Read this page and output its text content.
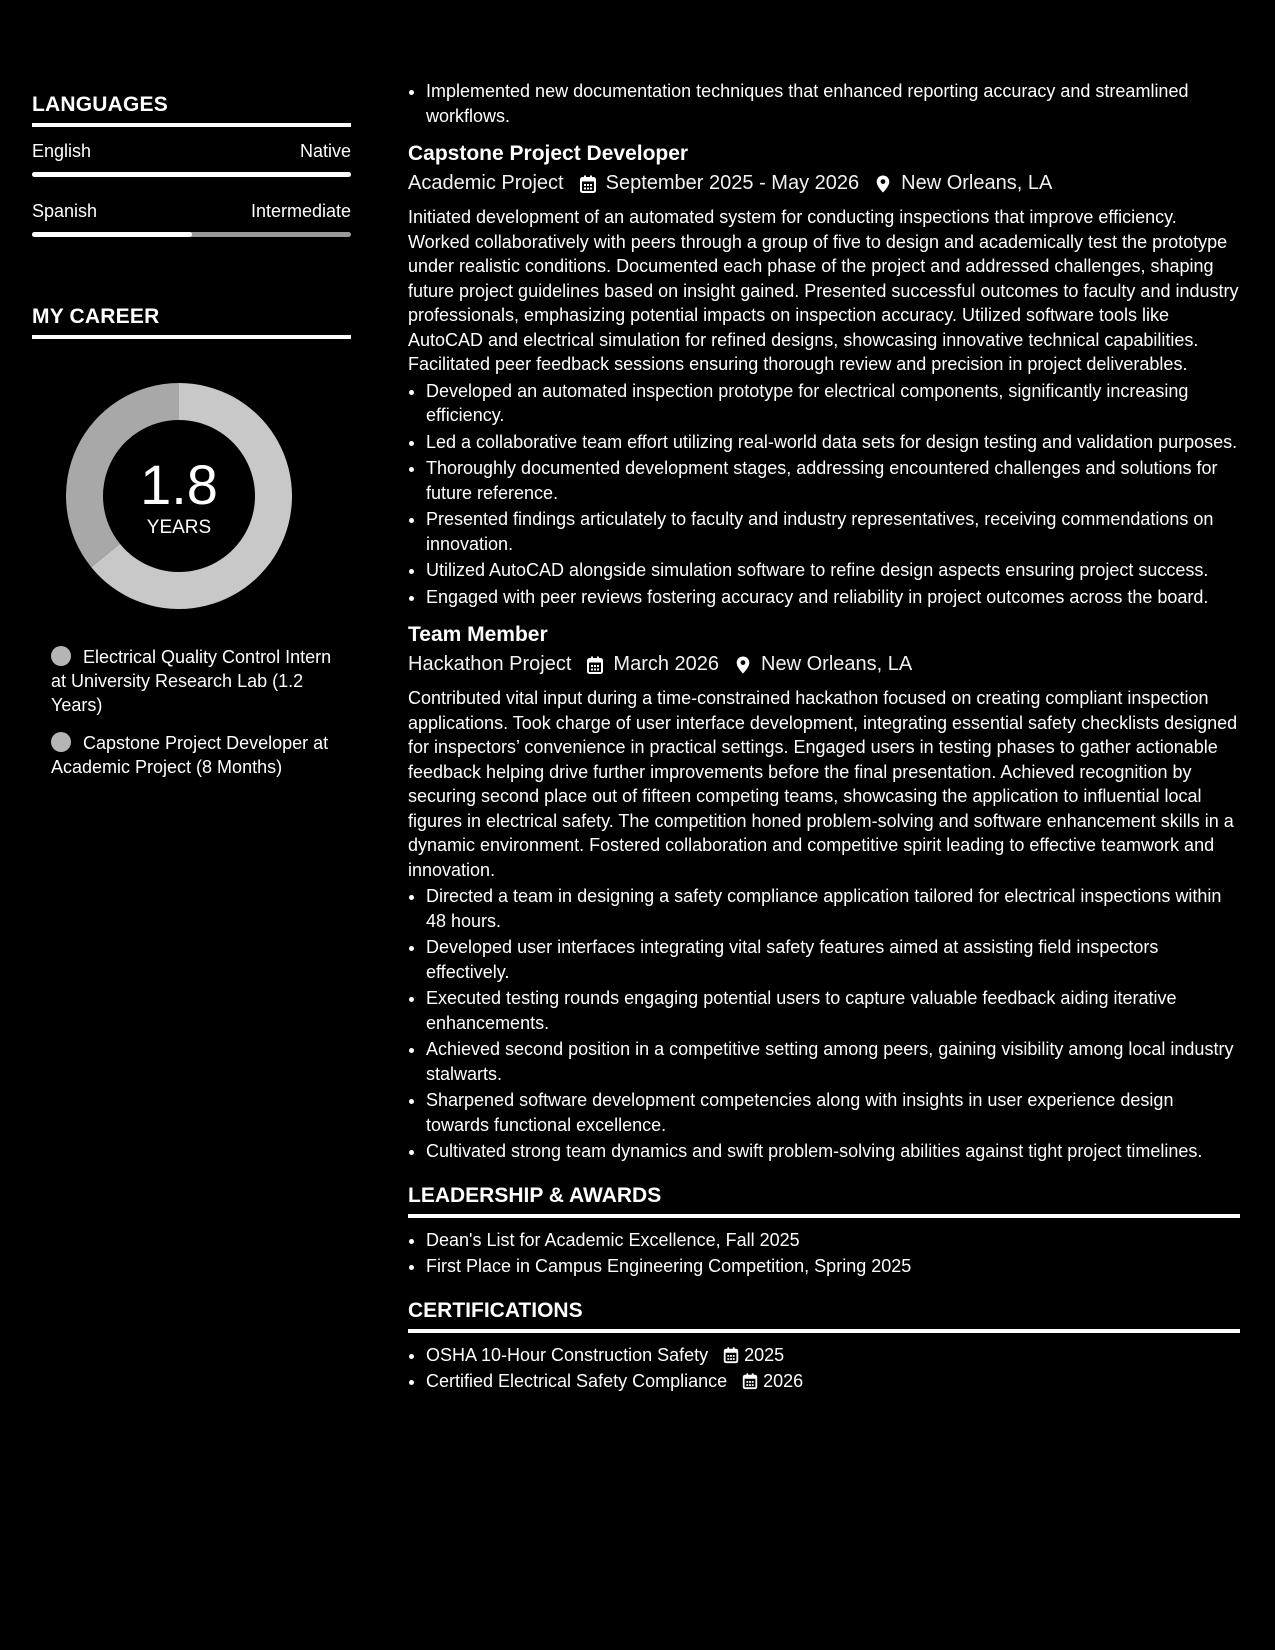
LANGUAGES
English	Native
Spanish	Intermediate
MY CAREER
1.8
YEARS
Electrical Quality Control Intern at University Research Lab (1.2 Years)
Capstone Project Developer at Academic Project (8 Months)
• Implemented new documentation techniques that enhanced reporting accuracy and streamlined workflows.
Capstone Project Developer
Academic Project September 2025 - May 2026 New Orleans, LA

Initiated development of an automated system for conducting inspections that improve efficiency. Worked collaboratively with peers through a group of five to design and academically test the prototype under realistic conditions. Documented each phase of the project and addressed challenges, shaping future project guidelines based on insight gained. Presented successful outcomes to faculty and industry professionals, emphasizing potential impacts on inspection accuracy. Utilized software tools like AutoCAD and electrical simulation for refined designs, showcasing innovative technical capabilities. Facilitated peer feedback sessions ensuring thorough review and precision in project deliverables.

• Developed an automated inspection prototype for electrical components, significantly increasing efficiency.
• Led a collaborative team effort utilizing real-world data sets for design testing and validation purposes.
• Thoroughly documented development stages, addressing encountered challenges and solutions for future reference.
• Presented findings articulately to faculty and industry representatives, receiving commendations on innovation.
• Utilized AutoCAD alongside simulation software to refine design aspects ensuring project success.
• Engaged with peer reviews fostering accuracy and reliability in project outcomes across the board.
Team Member
Hackathon Project March 2026 New Orleans, LA

Contributed vital input during a time-constrained hackathon focused on creating compliant inspection applications. Took charge of user interface development, integrating essential safety checklists designed for inspectors’ convenience in practical settings. Engaged users in testing phases to gather actionable feedback helping drive further improvements before the final presentation. Achieved recognition by securing second place out of fifteen competing teams, showcasing the application to influential local figures in electrical safety. The competition honed problem-solving and software enhancement skills in a dynamic environment. Fostered collaboration and competitive spirit leading to effective teamwork and innovation.

• Directed a team in designing a safety compliance application tailored for electrical inspections within 48 hours.
• Developed user interfaces integrating vital safety features aimed at assisting field inspectors effectively.
• Executed testing rounds engaging potential users to capture valuable feedback aiding iterative enhancements.
• Achieved second position in a competitive setting among peers, gaining visibility among local industry stalwarts.
• Sharpened software development competencies along with insights in user experience design towards functional excellence.
• Cultivated strong team dynamics and swift problem-solving abilities against tight project timelines.
LEADERSHIP & AWARDS
• Dean's List for Academic Excellence, Fall 2025
• First Place in Campus Engineering Competition, Spring 2025
CERTIFICATIONS
• OSHA 10-Hour Construction Safety 2025
• Certified Electrical Safety Compliance 2026
